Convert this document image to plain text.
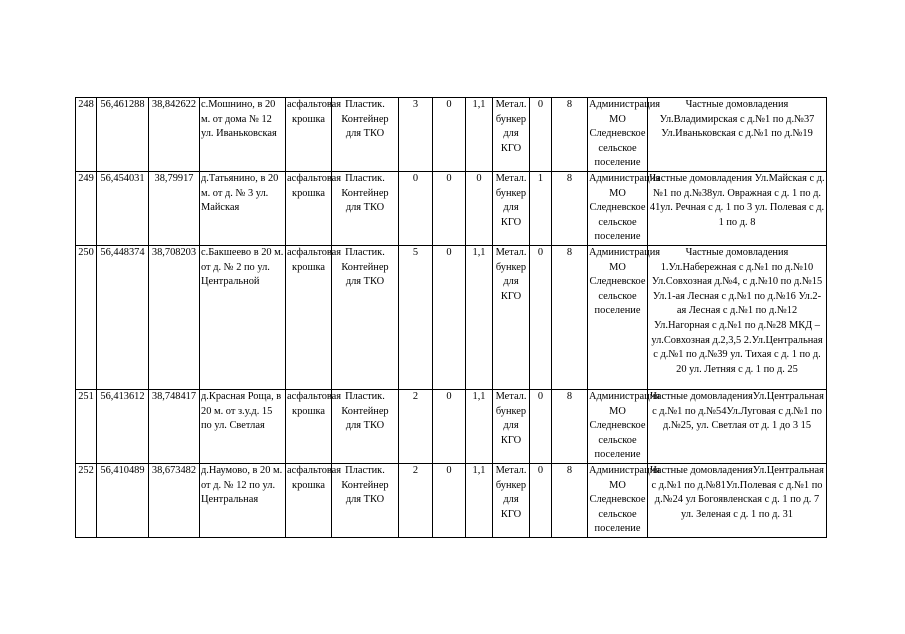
248	56,461288	38,842622	с.Мошнино, в 20 м. от дома № 12 ул. Иваньковская	асфальтовая крошка	Пластик. Контейнер для ТКО	3	0	1,1	Метал. бункер для КГО	0	8	Администрация МО Следневское сельское поселение	Частные домовладения Ул.Владимирская с д.№1 по д.№37 Ул.Иваньковская с д.№1 по д.№19
249	56,454031	38,79917	д.Татьянино, в 20 м. от д. № 3 ул. Майская	асфальтовая крошка	Пластик. Контейнер для ТКО	0	0	0	Метал. бункер для КГО	1	8	Администрация МО Следневское сельское поселение	Частные домовладения Ул.Майская с д.№1 по д.№38ул. Овражная с д. 1 по д. 41ул. Речная с д. 1 по 3 ул. Полевая с д. 1 по д. 8
250	56,448374	38,708203	с.Бакшеево в 20 м. от д. № 2 по ул. Центральной	асфальтовая крошка	Пластик. Контейнер для ТКО	5	0	1,1	Метал. бункер для КГО	0	8	Администрация МО Следневское сельское поселение	Частные домовладения 1.Ул.Набережная с д.№1 по д.№10 Ул.Совхозная д.№4, с д.№10 по д.№15 Ул.1-ая Лесная с д.№1 по д.№16 Ул.2-ая Лесная с д.№1 по д.№12 Ул.Нагорная с д.№1 по д.№28 МКД – ул.Совхозная д.2,3,5 2.Ул.Центральная с д.№1 по д.№39 ул. Тихая с д. 1 по д. 20 ул. Летняя с д. 1 по д. 25
251	56,413612	38,748417	д.Красная Роща, в 20 м. от з.у.д. 15 по ул. Светлая	асфальтовая крошка	Пластик. Контейнер для ТКО	2	0	1,1	Метал. бункер для КГО	0	8	Администрация МО Следневское сельское поселение	Частные домовладенияУл.Центральная с д.№1 по д.№54Ул.Луговая с д.№1 по д.№25, ул. Светлая от д. 1 до 3 15
252	56,410489	38,673482	д.Наумово, в 20 м. от д. № 12 по ул. Центральная	асфальтовая крошка	Пластик. Контейнер для ТКО	2	0	1,1	Метал. бункер для КГО	0	8	Администрация МО Следневское сельское поселение	Частные домовладенияУл.Центральная с д.№1 по д.№81Ул.Полевая с д.№1 по д.№24 ул Богоявленская с д. 1 по д. 7 ул. Зеленая с д. 1 по д. 31
